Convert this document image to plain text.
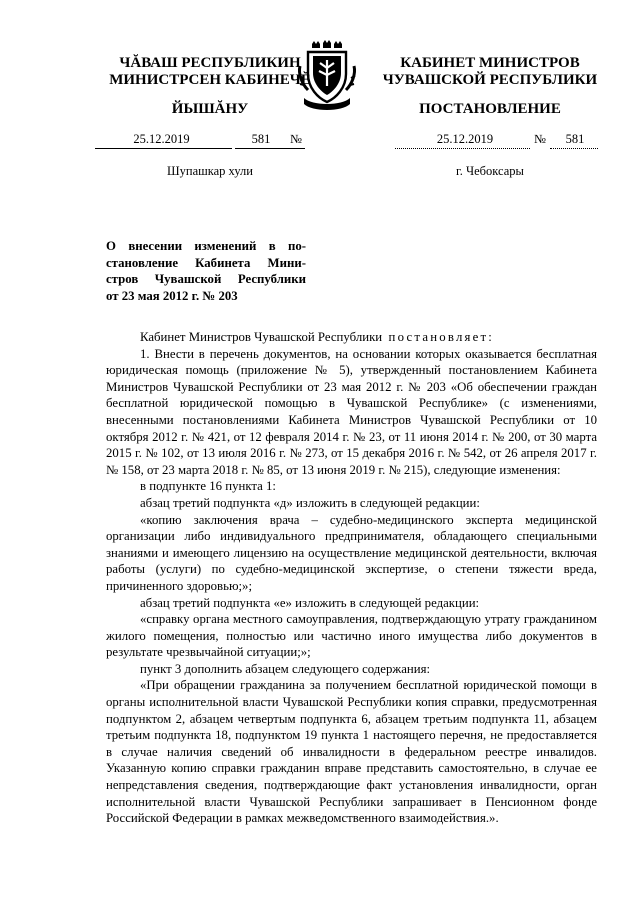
ЧĂВАШ РЕСПУБЛИКИН
МИНИСТРСЕН КАБИНЕЧĔ
ЙЫШĂНУ
25.12.2019	581	№
Шупашкар хули
КАБИНЕТ МИНИСТРОВ
ЧУВАШСКОЙ РЕСПУБЛИКИ
ПОСТАНОВЛЕНИЕ
25.12.2019	№	581
г. Чебоксары
О внесении изменений в по-
становление Кабинета Мини-
стров Чувашской Республики
от 23 мая 2012 г. № 203

Кабинет Министров Чувашской Республики постановляет:

1. Внести в перечень документов, на основании которых оказывается бесплатная юридическая помощь (приложение № 5), утвержденный постановлением Кабинета Министров Чувашской Республики от 23 мая 2012 г. № 203 «Об обеспечении граждан бесплатной юридической помощью в Чувашской Республике» (с изменениями, внесенными постановлениями Кабинета Министров Чувашской Республики от 10 октября 2012 г. № 421, от 12 февраля 2014 г. № 23, от 11 июня 2014 г. № 200, от 30 марта 2015 г. № 102, от 13 июля 2016 г. № 273, от 15 декабря 2016 г. № 542, от 26 апреля 2017 г. № 158, от 23 марта 2018 г. № 85, от 13 июня 2019 г. № 215), следующие изменения:

в подпункте 16 пункта 1:

абзац третий подпункта «д» изложить в следующей редакции:

«копию заключения врача – судебно-медицинского эксперта медицинской организации либо индивидуального предпринимателя, обладающего специальными знаниями и имеющего лицензию на осуществление медицинской деятельности, включая работы (услуги) по судебно-медицинской экспертизе, о степени тяжести вреда, причиненного здоровью;»;

абзац третий подпункта «е» изложить в следующей редакции:

«справку органа местного самоуправления, подтверждающую утрату гражданином жилого помещения, полностью или частично иного имущества либо документов в результате чрезвычайной ситуации;»;

пункт 3 дополнить абзацем следующего содержания:

«При обращении гражданина за получением бесплатной юридической помощи в органы исполнительной власти Чувашской Республики копия справки, предусмотренная подпунктом 2, абзацем четвертым подпункта 6, абзацем третьим подпункта 11, абзацем третьим подпункта 18, подпунктом 19 пункта 1 настоящего перечня, не предоставляется в случае наличия сведений об инвалидности в федеральном реестре инвалидов. Указанную копию справки гражданин вправе представить самостоятельно, в случае ее непредставления сведения, подтверждающие факт установления инвалидности, орган исполнительной власти Чувашской Республики запрашивает в Пенсионном фонде Российской Федерации в рамках межведомственного взаимодействия.».
